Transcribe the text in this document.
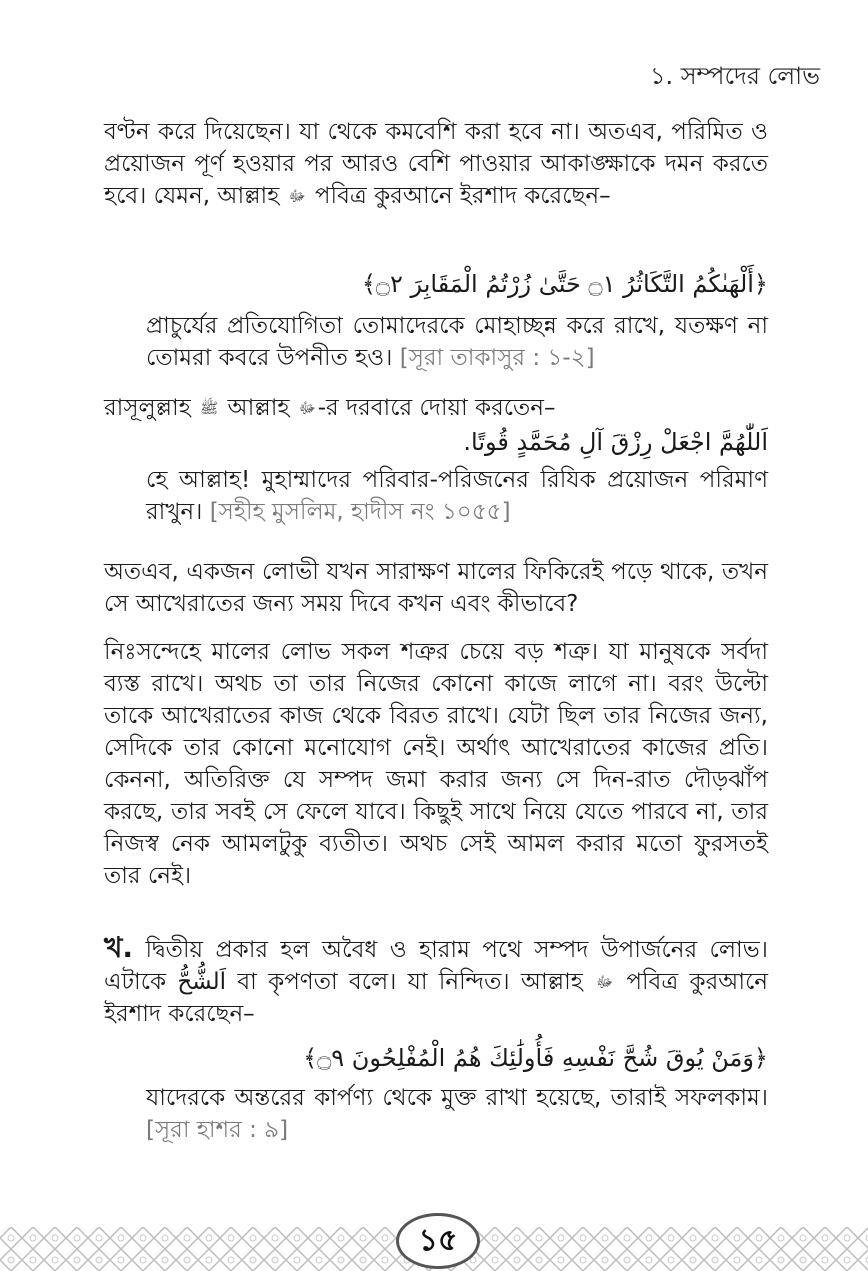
১. সম্পদের লোভ
বণ্টন করে দিয়েছেন। যা থেকে কমবেশি করা হবে না। অতএব, পরিমিত ও প্রয়োজন পূর্ণ হওয়ার পর আরও বেশি পাওয়ার আকাঙ্ক্ষাকে দমন করতে হবে। যেমন, আল্লাহ ﷻ পবিত্র কুরআনে ইরশাদ করেছেন–
﴿أَلْهَىٰكُمُ التَّكَاثُرُ ۝١ حَتَّىٰ زُرْتُمُ الْمَقَابِرَ ۝٢﴾
প্রাচুর্যের প্রতিযোগিতা তোমাদেরকে মোহাচ্ছন্ন করে রাখে, যতক্ষণ না তোমরা কবরে উপনীত হও। [সূরা তাকাসুর : ১-২]
রাসূলুল্লাহ ﷺ আল্লাহ ﷻ-র দরবারে দোয়া করতেন–
اَللّٰهُمَّ اجْعَلْ رِزْقَ آلِ مُحَمَّدٍ قُوتًا.
হে আল্লাহ! মুহাম্মাদের পরিবার-পরিজনের রিযিক প্রয়োজন পরিমাণ রাখুন। [সহীহ মুসলিম, হাদীস নং ১০৫৫]
অতএব, একজন লোভী যখন সারাক্ষণ মালের ফিকিরেই পড়ে থাকে, তখন সে আখেরাতের জন্য সময় দিবে কখন এবং কীভাবে?
নিঃসন্দেহে মালের লোভ সকল শত্রুর চেয়ে বড় শত্রু। যা মানুষকে সর্বদা ব্যস্ত রাখে। অথচ তা তার নিজের কোনো কাজে লাগে না। বরং উল্টো তাকে আখেরাতের কাজ থেকে বিরত রাখে। যেটা ছিল তার নিজের জন্য, সেদিকে তার কোনো মনোযোগ নেই। অর্থাৎ আখেরাতের কাজের প্রতি। কেননা, অতিরিক্ত যে সম্পদ জমা করার জন্য সে দিন-রাত দৌড়ঝাঁপ করছে, তার সবই সে ফেলে যাবে। কিছুই সাথে নিয়ে যেতে পারবে না, তার নিজস্ব নেক আমলটুকু ব্যতীত। অথচ সেই আমল করার মতো ফুরসতই তার নেই।
খ. দ্বিতীয় প্রকার হল অবৈধ ও হারাম পথে সম্পদ উপার্জনের লোভ। এটাকে اَلشُّحُّ বা কৃপণতা বলে। যা নিন্দিত। আল্লাহ ﷻ পবিত্র কুরআনে ইরশাদ করেছেন–
﴿وَمَنْ يُوقَ شُحَّ نَفْسِهِ فَأُولَٰئِكَ هُمُ الْمُفْلِحُونَ ۝٩﴾
যাদেরকে অন্তরের কার্পণ্য থেকে মুক্ত রাখা হয়েছে, তারাই সফলকাম। [সূরা হাশর : ৯]
১৫
